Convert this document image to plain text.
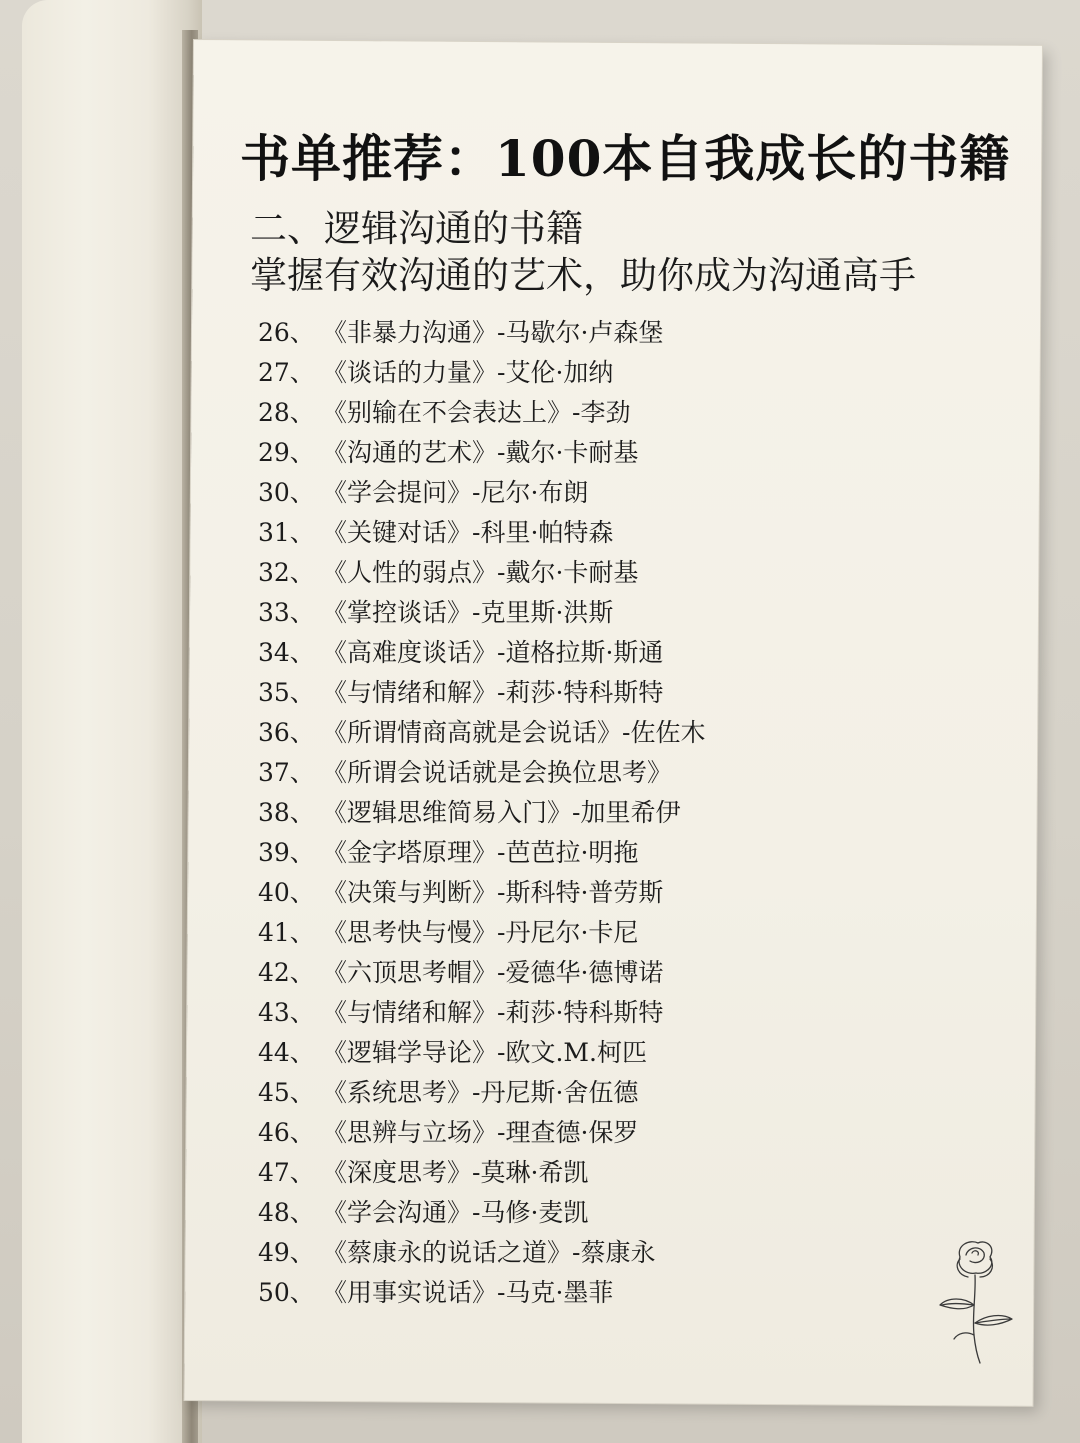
书单推荐：100本自我成长的书籍
二、逻辑沟通的书籍
掌握有效沟通的艺术，助你成为沟通高手
26、 《非暴力沟通》-马歇尔·卢森堡
27、 《谈话的力量》-艾伦·加纳
28、 《别输在不会表达上》-李劲
29、 《沟通的艺术》-戴尔·卡耐基
30、 《学会提问》-尼尔·布朗
31、 《关键对话》-科里·帕特森
32、 《人性的弱点》-戴尔·卡耐基
33、 《掌控谈话》-克里斯·洪斯
34、 《高难度谈话》-道格拉斯·斯通
35、 《与情绪和解》-莉莎·特科斯特
36、 《所谓情商高就是会说话》-佐佐木
37、 《所谓会说话就是会换位思考》
38、 《逻辑思维简易入门》-加里希伊
39、 《金字塔原理》-芭芭拉·明拖
40、 《决策与判断》-斯科特·普劳斯
41、 《思考快与慢》-丹尼尔·卡尼
42、 《六顶思考帽》-爱德华·德博诺
43、 《与情绪和解》-莉莎·特科斯特
44、 《逻辑学导论》-欧文.M.柯匹
45、 《系统思考》-丹尼斯·舍伍德
46、 《思辨与立场》-理查德·保罗
47、 《深度思考》-莫琳·希凯
48、 《学会沟通》-马修·麦凯
49、 《蔡康永的说话之道》-蔡康永
50、 《用事实说话》-马克·墨菲
